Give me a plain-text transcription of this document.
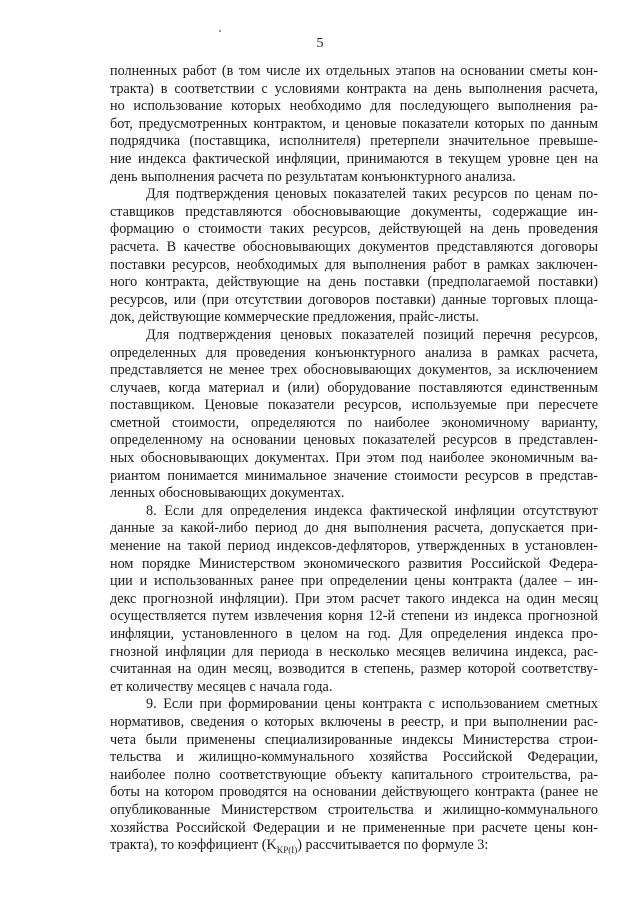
5

полненных работ (в том числе их отдельных этапов на основании сметы кон-
тракта) в соответствии с условиями контракта на день выполнения расчета,
но использование которых необходимо для последующего выполнения ра-
бот, предусмотренных контрактом, и ценовые показатели которых по данным
подрядчика (поставщика, исполнителя) претерпели значительное превыше-
ние индекса фактической инфляции, принимаются в текущем уровне цен на
день выполнения расчета по результатам конъюнктурного анализа.

Для подтверждения ценовых показателей таких ресурсов по ценам по-
ставщиков представляются обосновывающие документы, содержащие ин-
формацию о стоимости таких ресурсов, действующей на день проведения
расчета. В качестве обосновывающих документов представляются договоры
поставки ресурсов, необходимых для выполнения работ в рамках заключен-
ного контракта, действующие на день поставки (предполагаемой поставки)
ресурсов, или (при отсутствии договоров поставки) данные торговых площа-
док, действующие коммерческие предложения, прайс-листы.

Для подтверждения ценовых показателей позиций перечня ресурсов,
определенных для проведения конъюнктурного анализа в рамках расчета,
представляется не менее трех обосновывающих документов, за исключением
случаев, когда материал и (или) оборудование поставляются единственным
поставщиком. Ценовые показатели ресурсов, используемые при пересчете
сметной стоимости, определяются по наиболее экономичному варианту,
определенному на основании ценовых показателей ресурсов в представлен-
ных обосновывающих документах. При этом под наиболее экономичным ва-
риантом понимается минимальное значение стоимости ресурсов в представ-
ленных обосновывающих документах.

8. Если для определения индекса фактической инфляции отсутствуют
данные за какой-либо период до дня выполнения расчета, допускается при-
менение на такой период индексов-дефляторов, утвержденных в установлен-
ном порядке Министерством экономического развития Российской Федера-
ции и использованных ранее при определении цены контракта (далее – ин-
декс прогнозной инфляции). При этом расчет такого индекса на один месяц
осуществляется путем извлечения корня 12-й степени из индекса прогнозной
инфляции, установленного в целом на год. Для определения индекса про-
гнозной инфляции для периода в несколько месяцев величина индекса, рас-
считанная на один месяц, возводится в степень, размер которой соответству-
ет количеству месяцев с начала года.

9. Если при формировании цены контракта с использованием сметных
нормативов, сведения о которых включены в реестр, и при выполнении рас-
чета были применены специализированные индексы Министерства строи-
тельства и жилищно-коммунального хозяйства Российской Федерации,
наиболее полно соответствующие объекту капитального строительства, ра-
боты на котором проводятся на основании действующего контракта (ранее не
опубликованные Министерством строительства и жилищно-коммунального
хозяйства Российской Федерации и не примененные при расчете цены кон-
тракта), то коэффициент $(K_{KP(I)})$ рассчитывается по формуле 3:
